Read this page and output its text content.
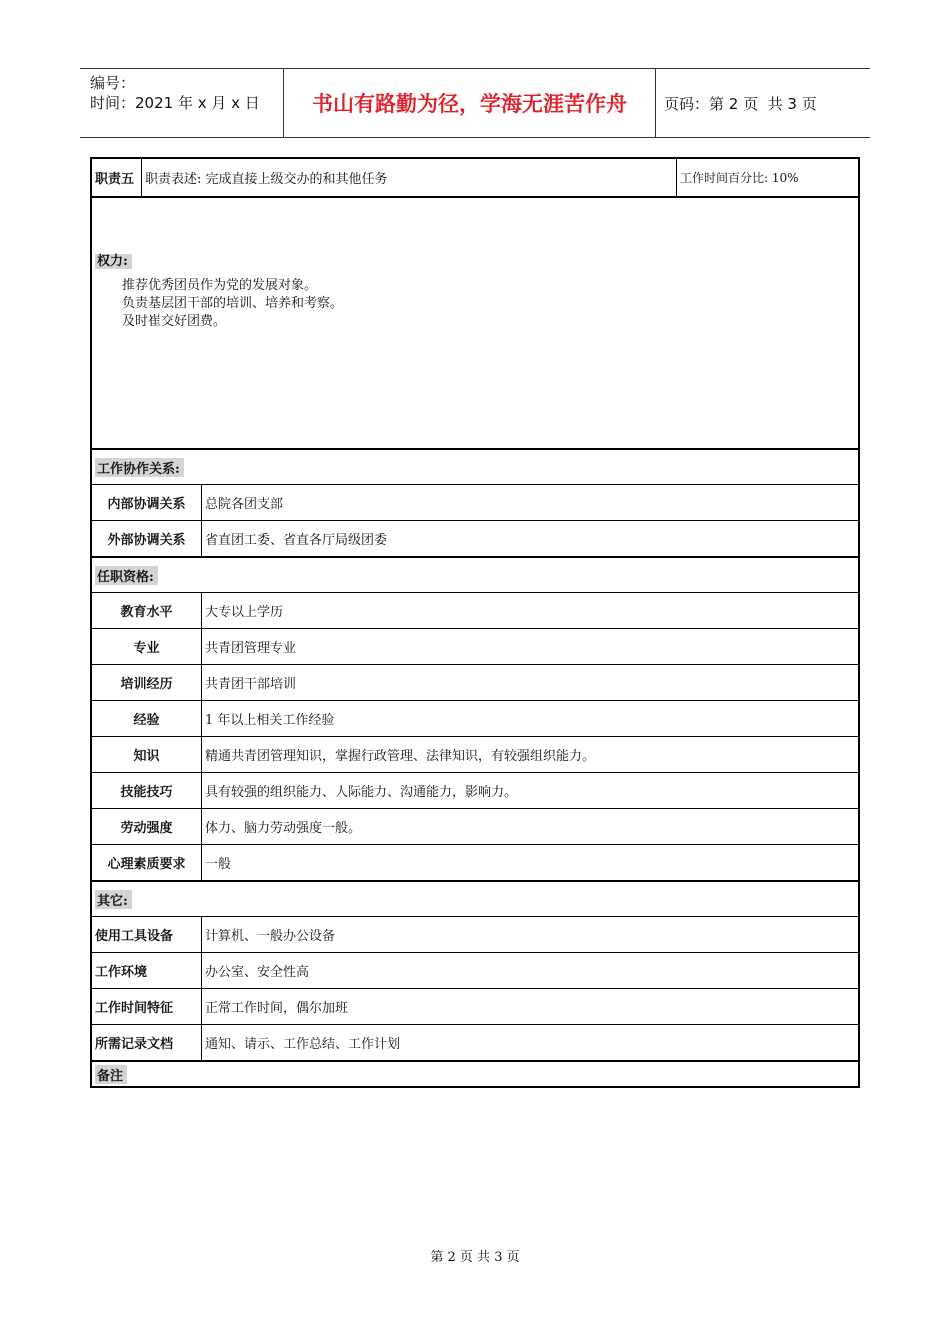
编号：
时间：2021 年 x 月 x 日	书山有路勤为径，学海无涯苦作舟	页码：第 2 页  共 3 页
职责五 职责表述: 完成直接上级交办的和其他任务	工作时间百分比: 10%
权力:
推荐优秀团员作为党的发展对象。
负责基层团干部的培训、培养和考察。
及时崔交好团费。
工作协作关系:
内部协调关系	总院各团支部
外部协调关系	省直团工委、省直各厅局级团委
任职资格:
教育水平	大专以上学历
专业	共青团管理专业
培训经历	共青团干部培训
经验	1 年以上相关工作经验
知识	精通共青团管理知识，掌握行政管理、法律知识，有较强组织能力。
技能技巧	具有较强的组织能力、人际能力、沟通能力，影响力。
劳动强度	体力、脑力劳动强度一般。
心理素质要求	一般
其它:
使用工具设备	计算机、一般办公设备
工作环境	办公室、安全性高
工作时间特征	正常工作时间，偶尔加班
所需记录文档	通知、请示、工作总结、工作计划
备注
第 2 页 共 3 页
